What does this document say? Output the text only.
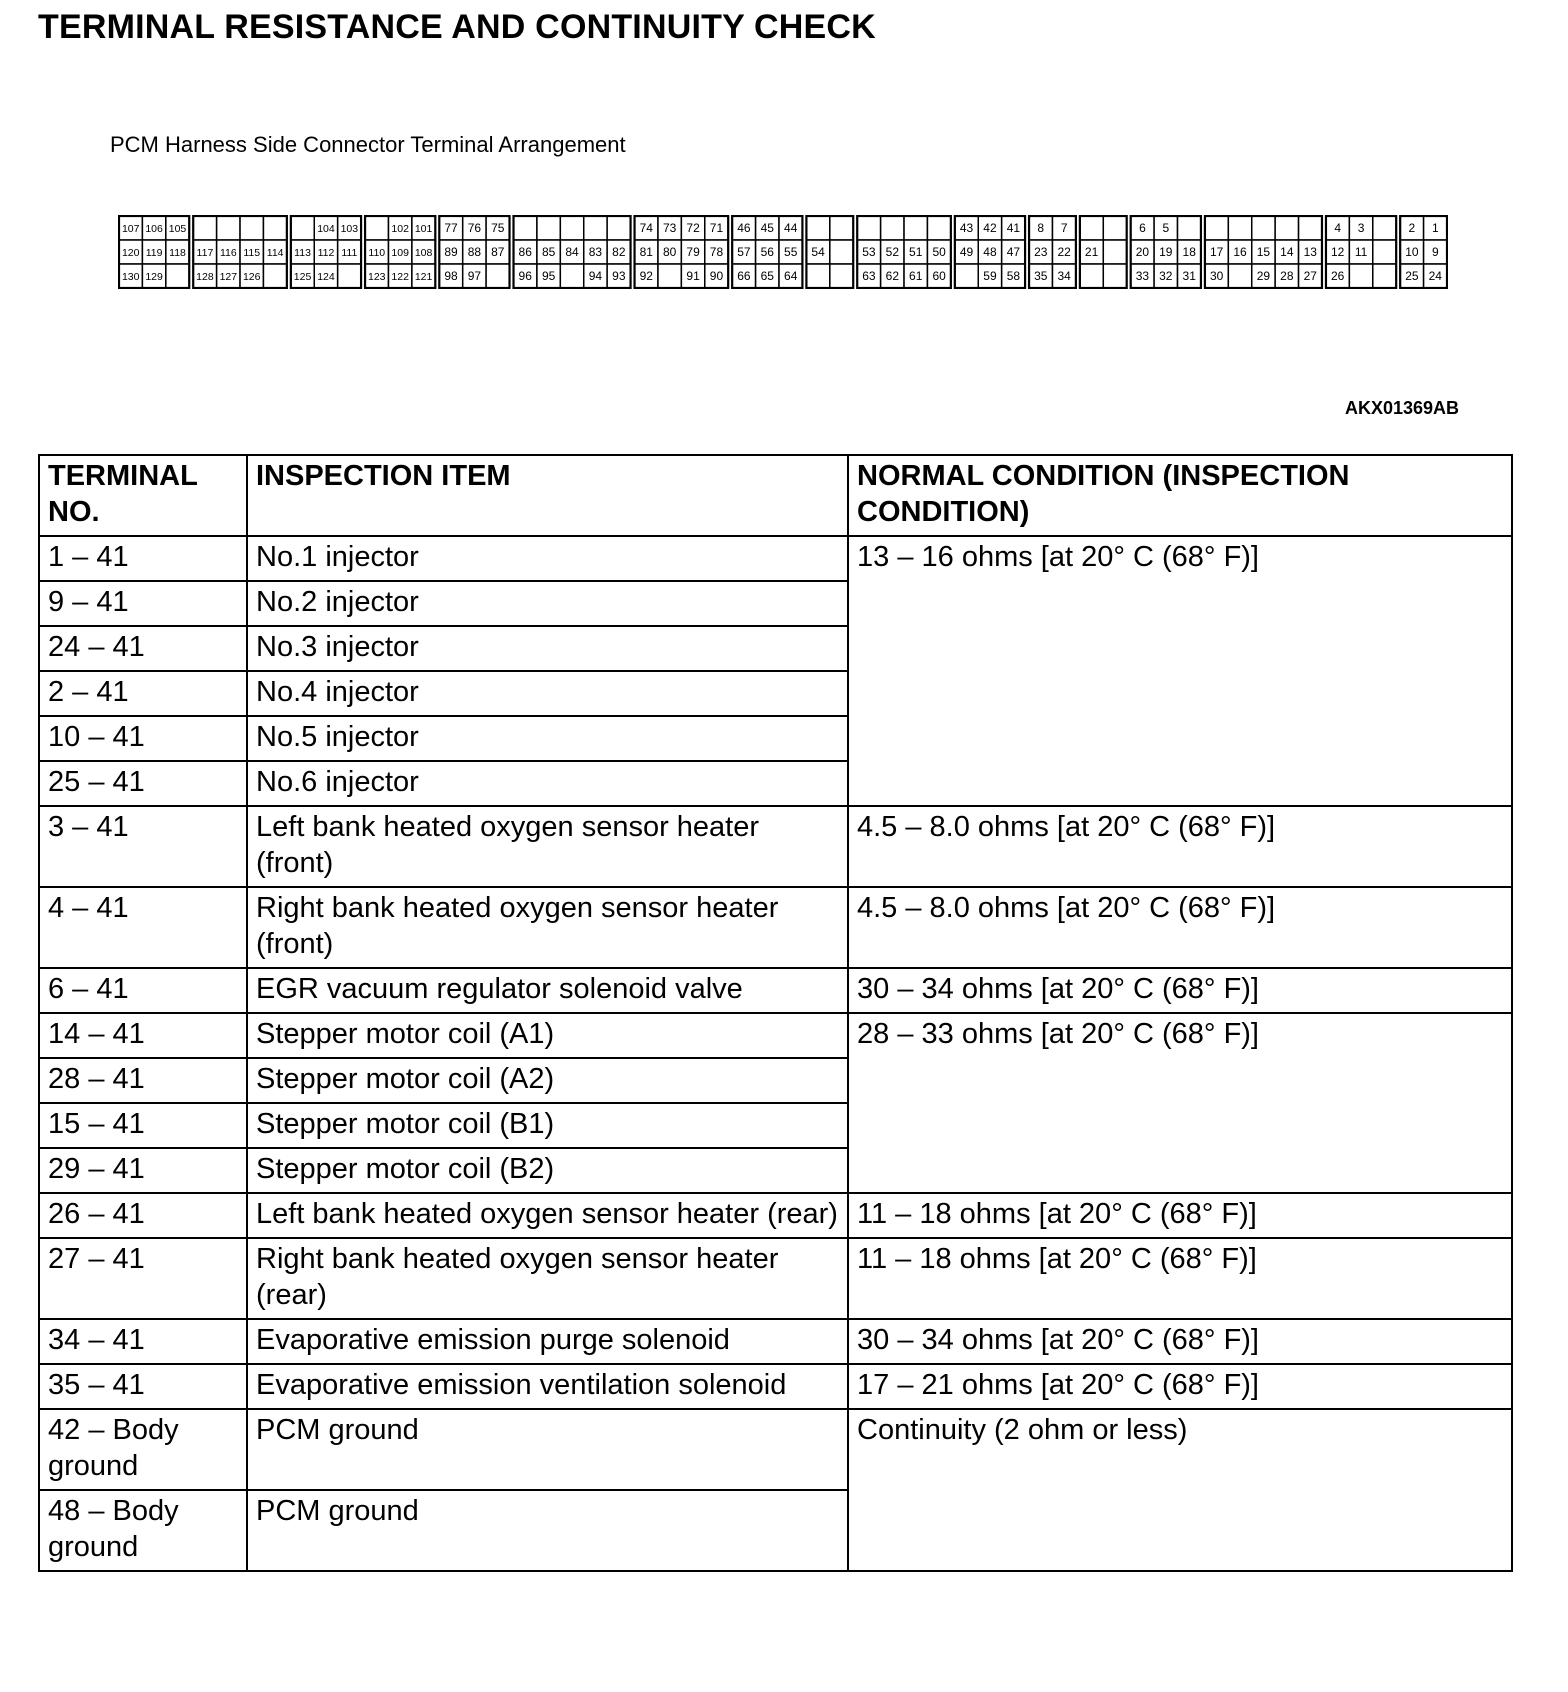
TERMINAL RESISTANCE AND CONTINUITY CHECK
PCM Harness Side Connector Terminal Arrangement
107 106 105
120 119 118
130 129
117 116 115 114
128 127 126
104 103
113 112 111
125 124
102 101
110 109 108
123 122 121
77 76 75
89 88 87
98 97
86 85 84 83 82
96 95	94 93
74 73 72 71
81 80 79 78
92	91 90
46 45 44
57 56 55
66 65 64
54	53 52 51 50
63 62 61 60
43 42 41
49 48 47
59 58
8 7
23 22
35 34
21
6 5
20 19 18
33 32 31
17 16 15 14 13
30	29 28 27
4 3
12 11
26
2 1
10 9
25 24
AKX01369AB
TERMINAL NO.	INSPECTION ITEM	NORMAL CONDITION (INSPECTION CONDITION)
1 – 41	No.1 injector	13 – 16 ohms [at 20° C (68° F)]
9 – 41	No.2 injector	
24 – 41	No.3 injector	
2 – 41	No.4 injector	
10 – 41	No.5 injector	
25 – 41	No.6 injector	
3 – 41	Left bank heated oxygen sensor heater (front)	4.5 – 8.0 ohms [at 20° C (68° F)]
4 – 41	Right bank heated oxygen sensor heater (front)	4.5 – 8.0 ohms [at 20° C (68° F)]
6 – 41	EGR vacuum regulator solenoid valve	30 – 34 ohms [at 20° C (68° F)]
14 – 41	Stepper motor coil (A1)	28 – 33 ohms [at 20° C (68° F)]
28 – 41	Stepper motor coil (A2)	
15 – 41	Stepper motor coil (B1)	
29 – 41	Stepper motor coil (B2)	
26 – 41	Left bank heated oxygen sensor heater (rear)	11 – 18 ohms [at 20° C (68° F)]
27 – 41	Right bank heated oxygen sensor heater (rear)	11 – 18 ohms [at 20° C (68° F)]
34 – 41	Evaporative emission purge solenoid	30 – 34 ohms [at 20° C (68° F)]
35 – 41	Evaporative emission ventilation solenoid	17 – 21 ohms [at 20° C (68° F)]
42 – Body ground	PCM ground	Continuity (2 ohm or less)
48 – Body ground	PCM ground	
